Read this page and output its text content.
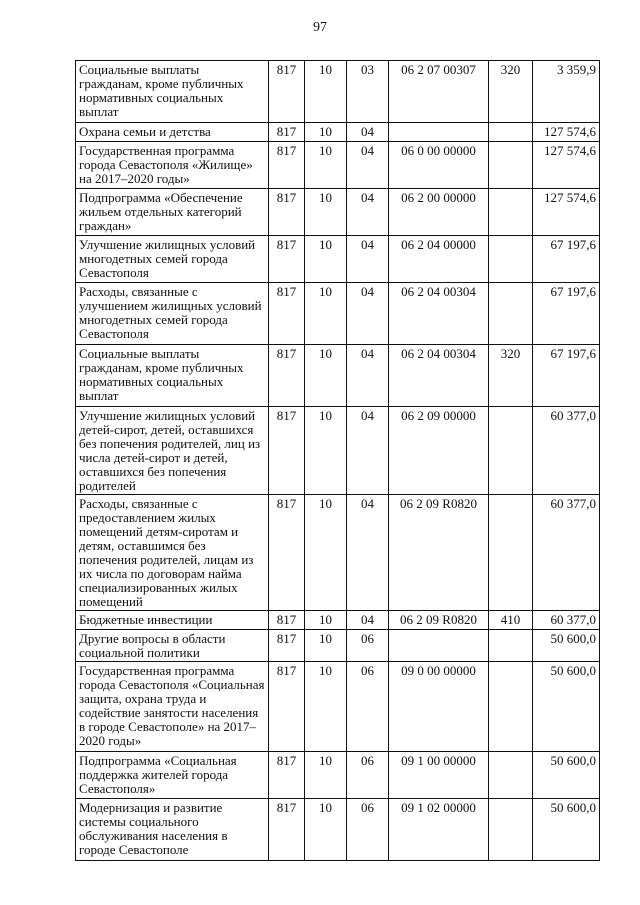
97
Социальные выплаты гражданам, кроме публичных нормативных социальных выплат	817	10	03	06 2 07 00307	320	3 359,9
Охрана семьи и детства	817	10	04			127 574,6
Государственная программа города Севастополя «Жилище» на 2017–2020 годы»	817	10	04	06 0 00 00000		127 574,6
Подпрограмма «Обеспечение жильем отдельных категорий граждан»	817	10	04	06 2 00 00000		127 574,6
Улучшение жилищных условий многодетных семей города Севастополя	817	10	04	06 2 04 00000		67 197,6
Расходы, связанные с улучшением жилищных условий многодетных семей города Севастополя	817	10	04	06 2 04 00304		67 197,6
Социальные выплаты гражданам, кроме публичных нормативных социальных выплат	817	10	04	06 2 04 00304	320	67 197,6
Улучшение жилищных условий детей-сирот, детей, оставшихся без попечения родителей, лиц из числа детей-сирот и детей, оставшихся без попечения родителей	817	10	04	06 2 09 00000		60 377,0
Расходы, связанные с предоставлением жилых помещений детям-сиротам и детям, оставшимся без попечения родителей, лицам из их числа по договорам найма специализированных жилых помещений	817	10	04	06 2 09 R0820		60 377,0
Бюджетные инвестиции	817	10	04	06 2 09 R0820	410	60 377,0
Другие вопросы в области социальной политики	817	10	06			50 600,0
Государственная программа города Севастополя «Социальная защита, охрана труда и содействие занятости населения в городе Севастополе» на 2017–2020 годы»	817	10	06	09 0 00 00000		50 600,0
Подпрограмма «Социальная поддержка жителей города Севастополя»	817	10	06	09 1 00 00000		50 600,0
Модернизация и развитие системы социального обслуживания населения в городе Севастополе	817	10	06	09 1 02 00000		50 600,0
